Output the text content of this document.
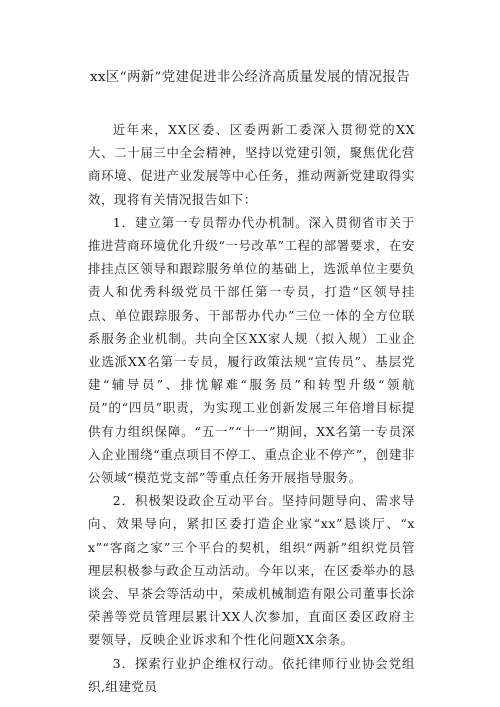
xx区“两新”党建促进非公经济高质量发展的情况报告

近年来，XX区委、区委两新工委深入贯彻党的XX大、二十届三中全会精神，坚持以党建引领，聚焦优化营商环境、促进产业发展等中心任务，推动两新党建取得实效，现将有关情况报告如下：

1．建立第一专员帮办代办机制。深入贯彻省市关于推进营商环境优化升级“一号改革”工程的部署要求，在安排挂点区领导和跟踪服务单位的基础上，选派单位主要负责人和优秀科级党员干部任第一专员，打造“区领导挂点、单位跟踪服务、干部帮办代办”三位一体的全方位联系服务企业机制。共向全区XX家人规（拟入规）工业企业选派XX名第一专员，履行政策法规“宣传员”、基层党建“辅导员”、排忧解难“服务员”和转型升级“领航员”的“四员”职责，为实现工业创新发展三年倍增目标提供有力组织保障。“五一”“十一”期间，XX名第一专员深入企业围绕“重点项目不停工、重点企业不停产”，创建非公领域“模范党支部”等重点任务开展指导服务。

2．积极架设政企互动平台。坚持问题导向、需求导向、效果导向，紧扣区委打造企业家“xx”恳谈厅、“xx”“客商之家”三个平台的契机，组织“两新”组织党员管理层积极参与政企互动活动。今年以来，在区委举办的恳谈会、早茶会等活动中，荣成机械制造有限公司董事长涂荣善等党员管理层累计XX人次参加，直面区委区政府主要领导，反映企业诉求和个性化问题XX余条。

3．探索行业护企维权行动。依托律师行业协会党组织,组建党员
